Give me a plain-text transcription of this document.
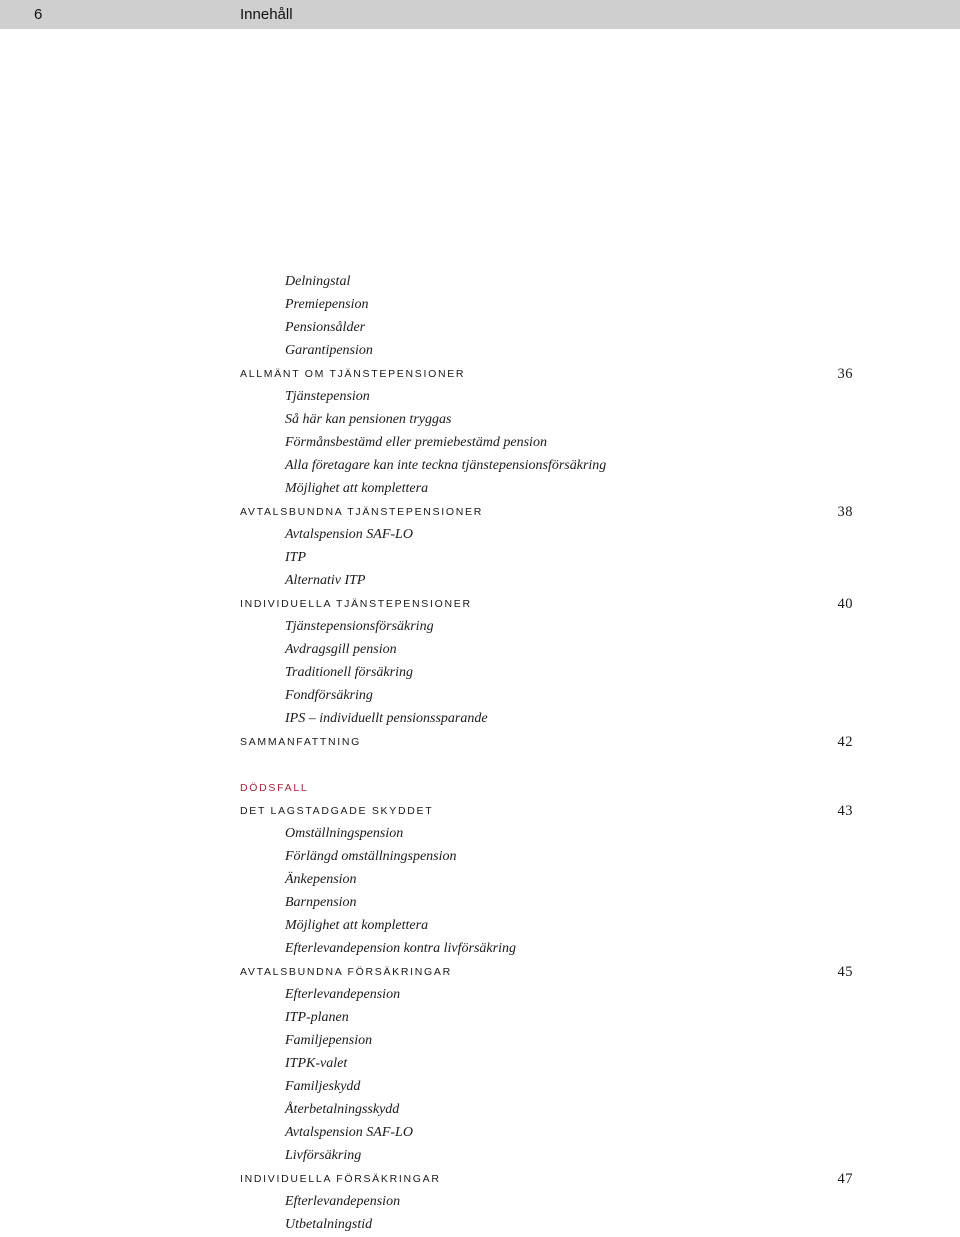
6	Innehåll
Delningstal
Premiepension
Pensionsålder
Garantipension
ALLMÄNT OM TJÄNSTEPENSIONER	36
Tjänstepension
Så här kan pensionen tryggas
Förmånsbestämd eller premiebestämd pension
Alla företagare kan inte teckna tjänstepensionsförsäkring
Möjlighet att komplettera
AVTALSBUNDNA TJÄNSTEPENSIONER	38
Avtalspension SAF-LO
ITP
Alternativ ITP
INDIVIDUELLA TJÄNSTEPENSIONER	40
Tjänstepensionsförsäkring
Avdragsgill pension
Traditionell försäkring
Fondförsäkring
IPS – individuellt pensionssparande
SAMMANFATTNING	42
DÖDSFALL
DET LAGSTADGADE SKYDDET	43
Omställningspension
Förlängd omställningspension
Änkepension
Barnpension
Möjlighet att komplettera
Efterlevandepension kontra livförsäkring
AVTALSBUNDNA FÖRSÄKRINGAR	45
Efterlevandepension
ITP-planen
Familjepension
ITPK-valet
Familjeskydd
Återbetalningsskydd
Avtalspension SAF-LO
Livförsäkring
INDIVIDUELLA FÖRSÄKRINGAR	47
Efterlevandepension
Utbetalningstid
